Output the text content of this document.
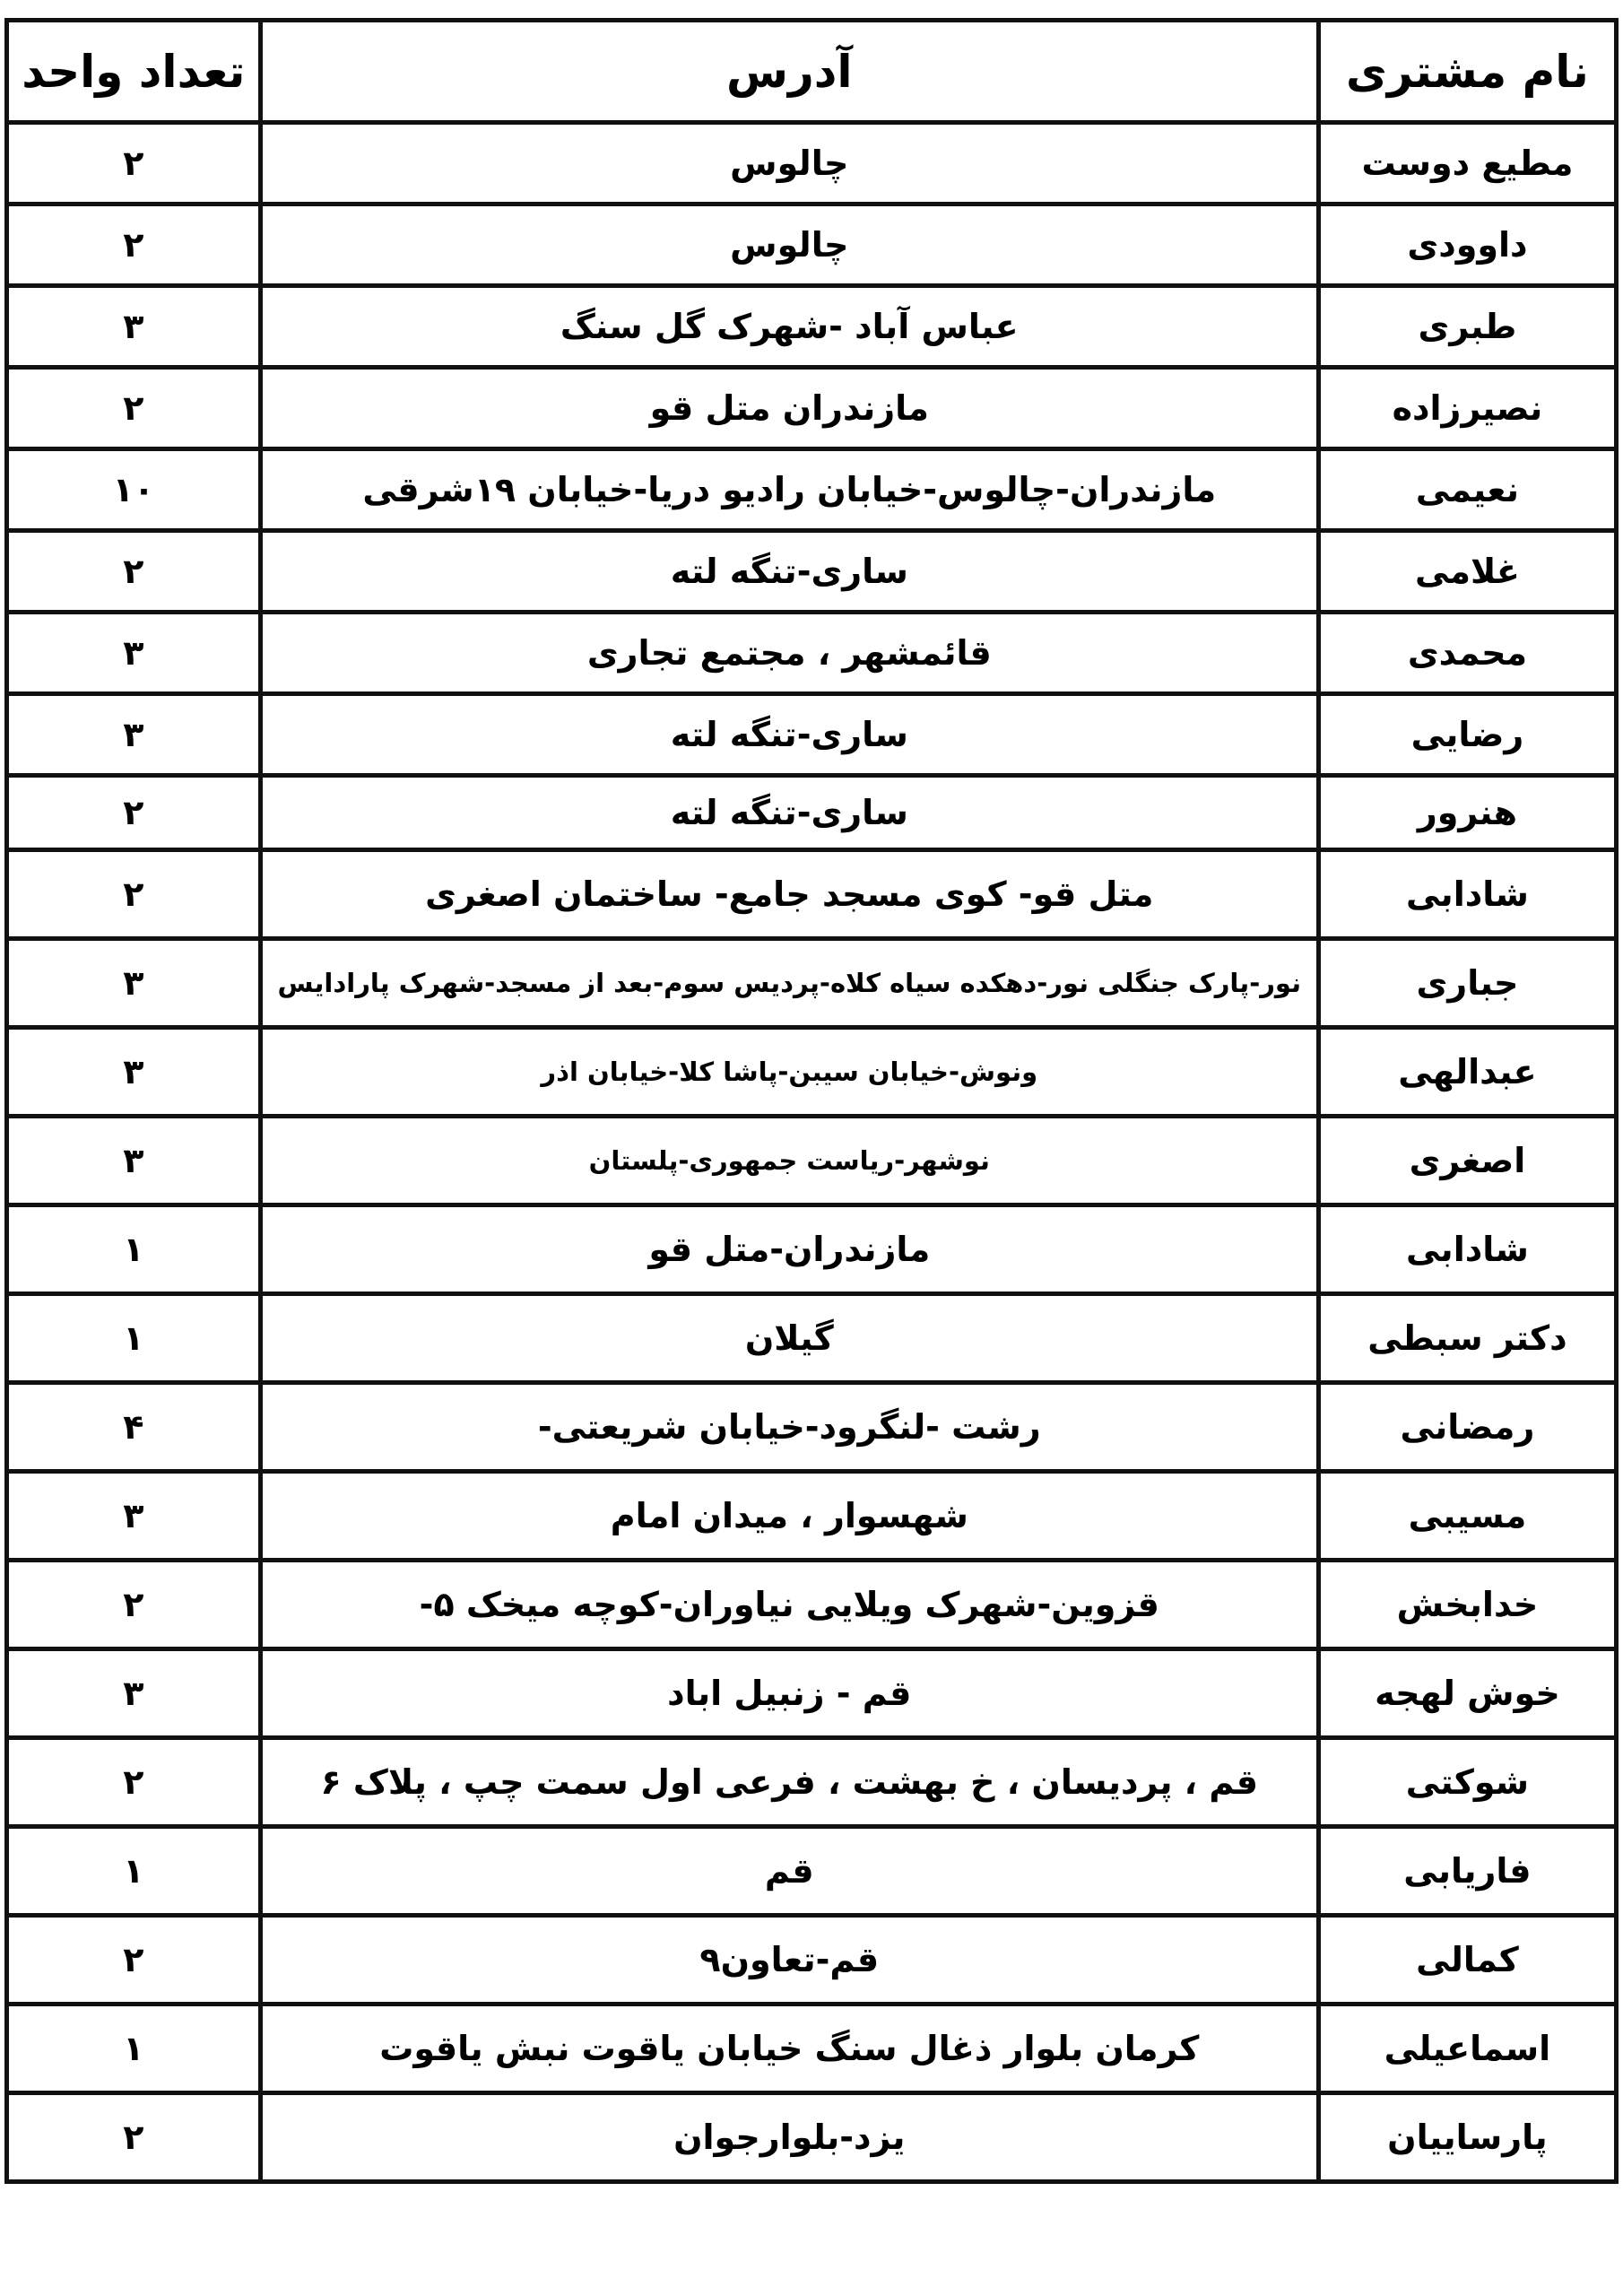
نام مشتری	آدرس	تعداد واحد
مطیع دوست	چالوس	۲
داوودی	چالوس	۲
طبری	عباس آباد -شهرک گل سنگ	۳
نصیرزاده	مازندران متل قو	۲
نعیمی	مازندران-چالوس-خیابان رادیو دریا-خیابان ۱۹شرقی	۱۰
غلامی	ساری-تنگه لته	۲
محمدی	قائمشهر ، مجتمع تجاری	۳
رضایی	ساری-تنگه لته	۳
هنرور	ساری-تنگه لته	۲
شادابی	متل قو- کوی مسجد جامع- ساختمان اصغری	۲
جباری	نور-پارک جنگلی نور-دهکده سیاه کلاه-پردیس سوم-بعد از مسجد-شهرک پارادایس	۳
عبدالهی	ونوش-خیابان سیبن-پاشا کلا-خیابان اذر	۳
اصغری	نوشهر-ریاست جمهوری-پلستان	۳
شادابی	مازندران-متل قو	۱
دکتر سبطی	گیلان	۱
رمضانی	رشت -لنگرود-خیابان شریعتی-	۴
مسیبی	شهسوار ، میدان امام	۳
خدابخش	قزوین-شهرک ویلایی نیاوران-کوچه میخک ۵-	۲
خوش لهجه	قم - زنبیل اباد	۳
شوکتی	قم ، پردیسان ، خ بهشت ، فرعی اول سمت چپ ، پلاک ۶	۲
فاریابی	قم	۱
کمالی	قم-تعاون۹	۲
اسماعیلی	کرمان بلوار ذغال سنگ خیابان یاقوت نبش یاقوت	۱
پارساییان	یزد-بلوارجوان	۲
